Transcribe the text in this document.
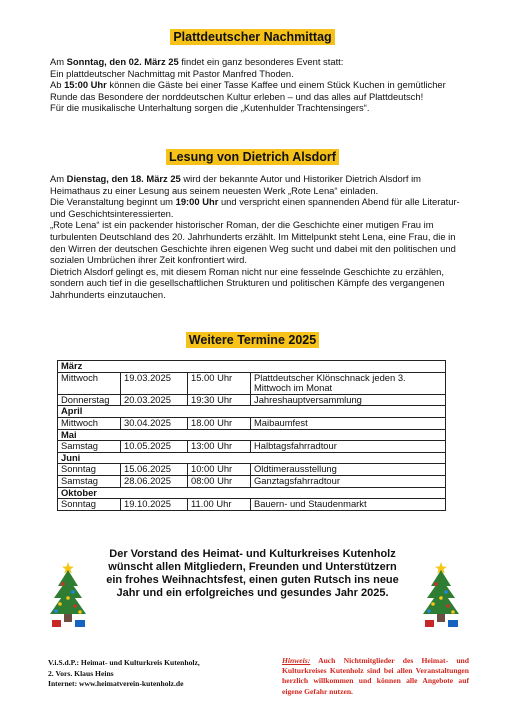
Plattdeutscher Nachmittag

Am Sonntag, den 02. März 25 findet ein ganz besonderes Event statt:

Ein plattdeutscher Nachmittag mit Pastor Manfred Thoden.

Ab 15:00 Uhr können die Gäste bei einer Tasse Kaffee und einem Stück Kuchen in gemütlicher Runde das Besondere der norddeutschen Kultur erleben – und das alles auf Plattdeutsch!

Für die musikalische Unterhaltung sorgen die „Kutenhulder Trachtensingers“.

Lesung von Dietrich Alsdorf

Am Dienstag, den 18. März 25 wird der bekannte Autor und Historiker Dietrich Alsdorf im Heimathaus zu einer Lesung aus seinem neuesten Werk „Rote Lena“ einladen.

Die Veranstaltung beginnt um 19:00 Uhr und verspricht einen spannenden Abend für alle Literatur- und Geschichtsinteressierten.

„Rote Lena“ ist ein packender historischer Roman, der die Geschichte einer mutigen Frau im turbulenten Deutschland des 20. Jahrhunderts erzählt. Im Mittelpunkt steht Lena, eine Frau, die in den Wirren der deutschen Geschichte ihren eigenen Weg sucht und dabei mit den politischen und sozialen Umbrüchen ihrer Zeit konfrontiert wird.

Dietrich Alsdorf gelingt es, mit diesem Roman nicht nur eine fesselnde Geschichte zu erzählen, sondern auch tief in die gesellschaftlichen Strukturen und politischen Kämpfe des vergangenen Jahrhunderts einzutauchen.

Weitere Termine 2025
März			
Mittwoch	19.03.2025	15.00 Uhr	Plattdeutscher Klönschnack jeden 3. Mittwoch im Monat
Donnerstag	20.03.2025	19:30 Uhr	Jahreshauptversammlung
April			
Mittwoch	30.04.2025	18.00 Uhr	Maibaumfest
Mai			
Samstag	10.05.2025	13:00 Uhr	Halbtagsfahrradtour
Juni			
Sonntag	15.06.2025	10:00 Uhr	Oldtimerausstellung
Samstag	28.06.2025	08:00 Uhr	Ganztagsfahrradtour
Oktober			
Sonntag	19.10.2025	11.00 Uhr	Bauern- und Staudenmarkt
Der Vorstand des Heimat- und Kulturkreises Kutenholz wünscht allen Mitgliedern, Freunden und Unterstützern ein frohes Weihnachtsfest, einen guten Rutsch ins neue Jahr und ein erfolgreiches und gesundes Jahr 2025.
V.i.S.d.P.: Heimat- und Kulturkreis Kutenholz,
2. Vors. Klaus Heins
Internet: www.heimatverein-kutenholz.de
Hinweis: Auch Nichtmitglieder des Heimat- und Kulturkreises Kutenholz sind bei allen Veranstaltungen herzlich willkommen und können alle Angebote auf eigene Gefahr nutzen.
